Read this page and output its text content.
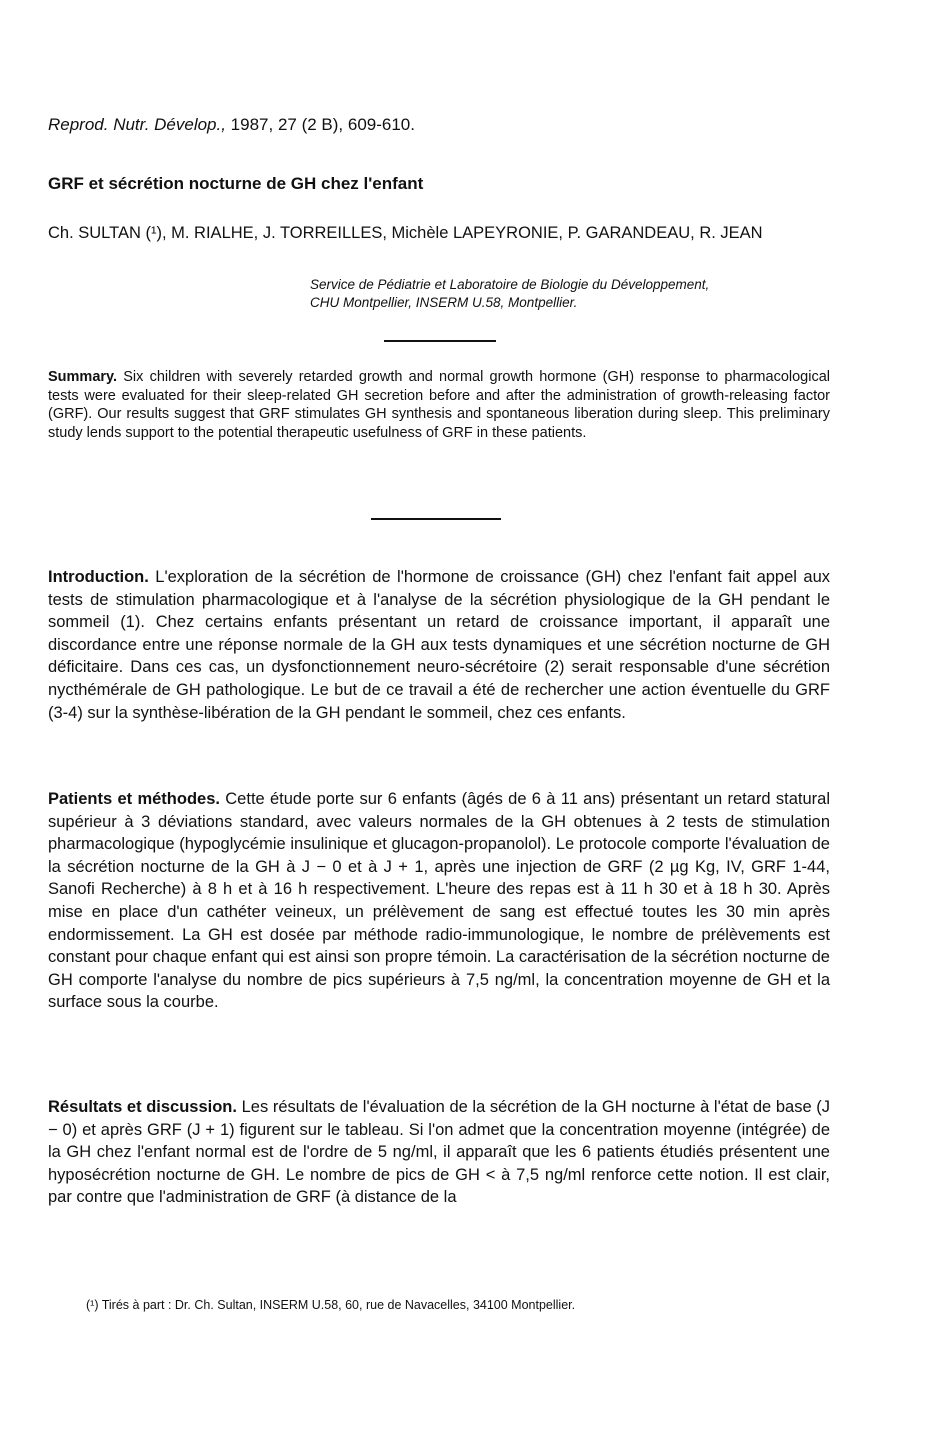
Reprod. Nutr. Dévelop., 1987, 27 (2 B), 609-610.

GRF et sécrétion nocturne de GH chez l'enfant

Ch. SULTAN (¹), M. RIALHE, J. TORREILLES, Michèle LAPEYRONIE, P. GARANDEAU, R. JEAN

Service de Pédiatrie et Laboratoire de Biologie du Développement,
CHU Montpellier, INSERM U.58, Montpellier.

Summary. Six children with severely retarded growth and normal growth hormone (GH) response to pharmacological tests were evaluated for their sleep-related GH secretion before and after the administration of growth-releasing factor (GRF). Our results suggest that GRF stimulates GH synthesis and spontaneous liberation during sleep. This preliminary study lends support to the potential therapeutic usefulness of GRF in these patients.

Introduction. L'exploration de la sécrétion de l'hormone de croissance (GH) chez l'enfant fait appel aux tests de stimulation pharmacologique et à l'analyse de la sécrétion physiologique de la GH pendant le sommeil (1). Chez certains enfants présentant un retard de croissance important, il apparaît une discordance entre une réponse normale de la GH aux tests dynamiques et une sécrétion nocturne de GH déficitaire. Dans ces cas, un dysfonctionnement neuro-sécrétoire (2) serait responsable d'une sécrétion nycthémérale de GH pathologique. Le but de ce travail a été de rechercher une action éventuelle du GRF (3-4) sur la synthèse-libération de la GH pendant le sommeil, chez ces enfants.

Patients et méthodes. Cette étude porte sur 6 enfants (âgés de 6 à 11 ans) présentant un retard statural supérieur à 3 déviations standard, avec valeurs normales de la GH obtenues à 2 tests de stimulation pharmacologique (hypoglycémie insulinique et glucagon-propanolol). Le protocole comporte l'évaluation de la sécrétion nocturne de la GH à J − 0 et à J + 1, après une injection de GRF (2 µg Kg, IV, GRF 1-44, Sanofi Recherche) à 8 h et à 16 h respectivement. L'heure des repas est à 11 h 30 et à 18 h 30. Après mise en place d'un cathéter veineux, un prélèvement de sang est effectué toutes les 30 min après endormissement. La GH est dosée par méthode radio-immunologique, le nombre de prélèvements est constant pour chaque enfant qui est ainsi son propre témoin. La caractérisation de la sécrétion nocturne de GH comporte l'analyse du nombre de pics supérieurs à 7,5 ng/ml, la concentration moyenne de GH et la surface sous la courbe.

Résultats et discussion. Les résultats de l'évaluation de la sécrétion de la GH nocturne à l'état de base (J − 0) et après GRF (J + 1) figurent sur le tableau. Si l'on admet que la concentration moyenne (intégrée) de la GH chez l'enfant normal est de l'ordre de 5 ng/ml, il apparaît que les 6 patients étudiés présentent une hyposécrétion nocturne de GH. Le nombre de pics de GH < à 7,5 ng/ml renforce cette notion. Il est clair, par contre que l'administration de GRF (à distance de la

(¹) Tirés à part : Dr. Ch. Sultan, INSERM U.58, 60, rue de Navacelles, 34100 Montpellier.
